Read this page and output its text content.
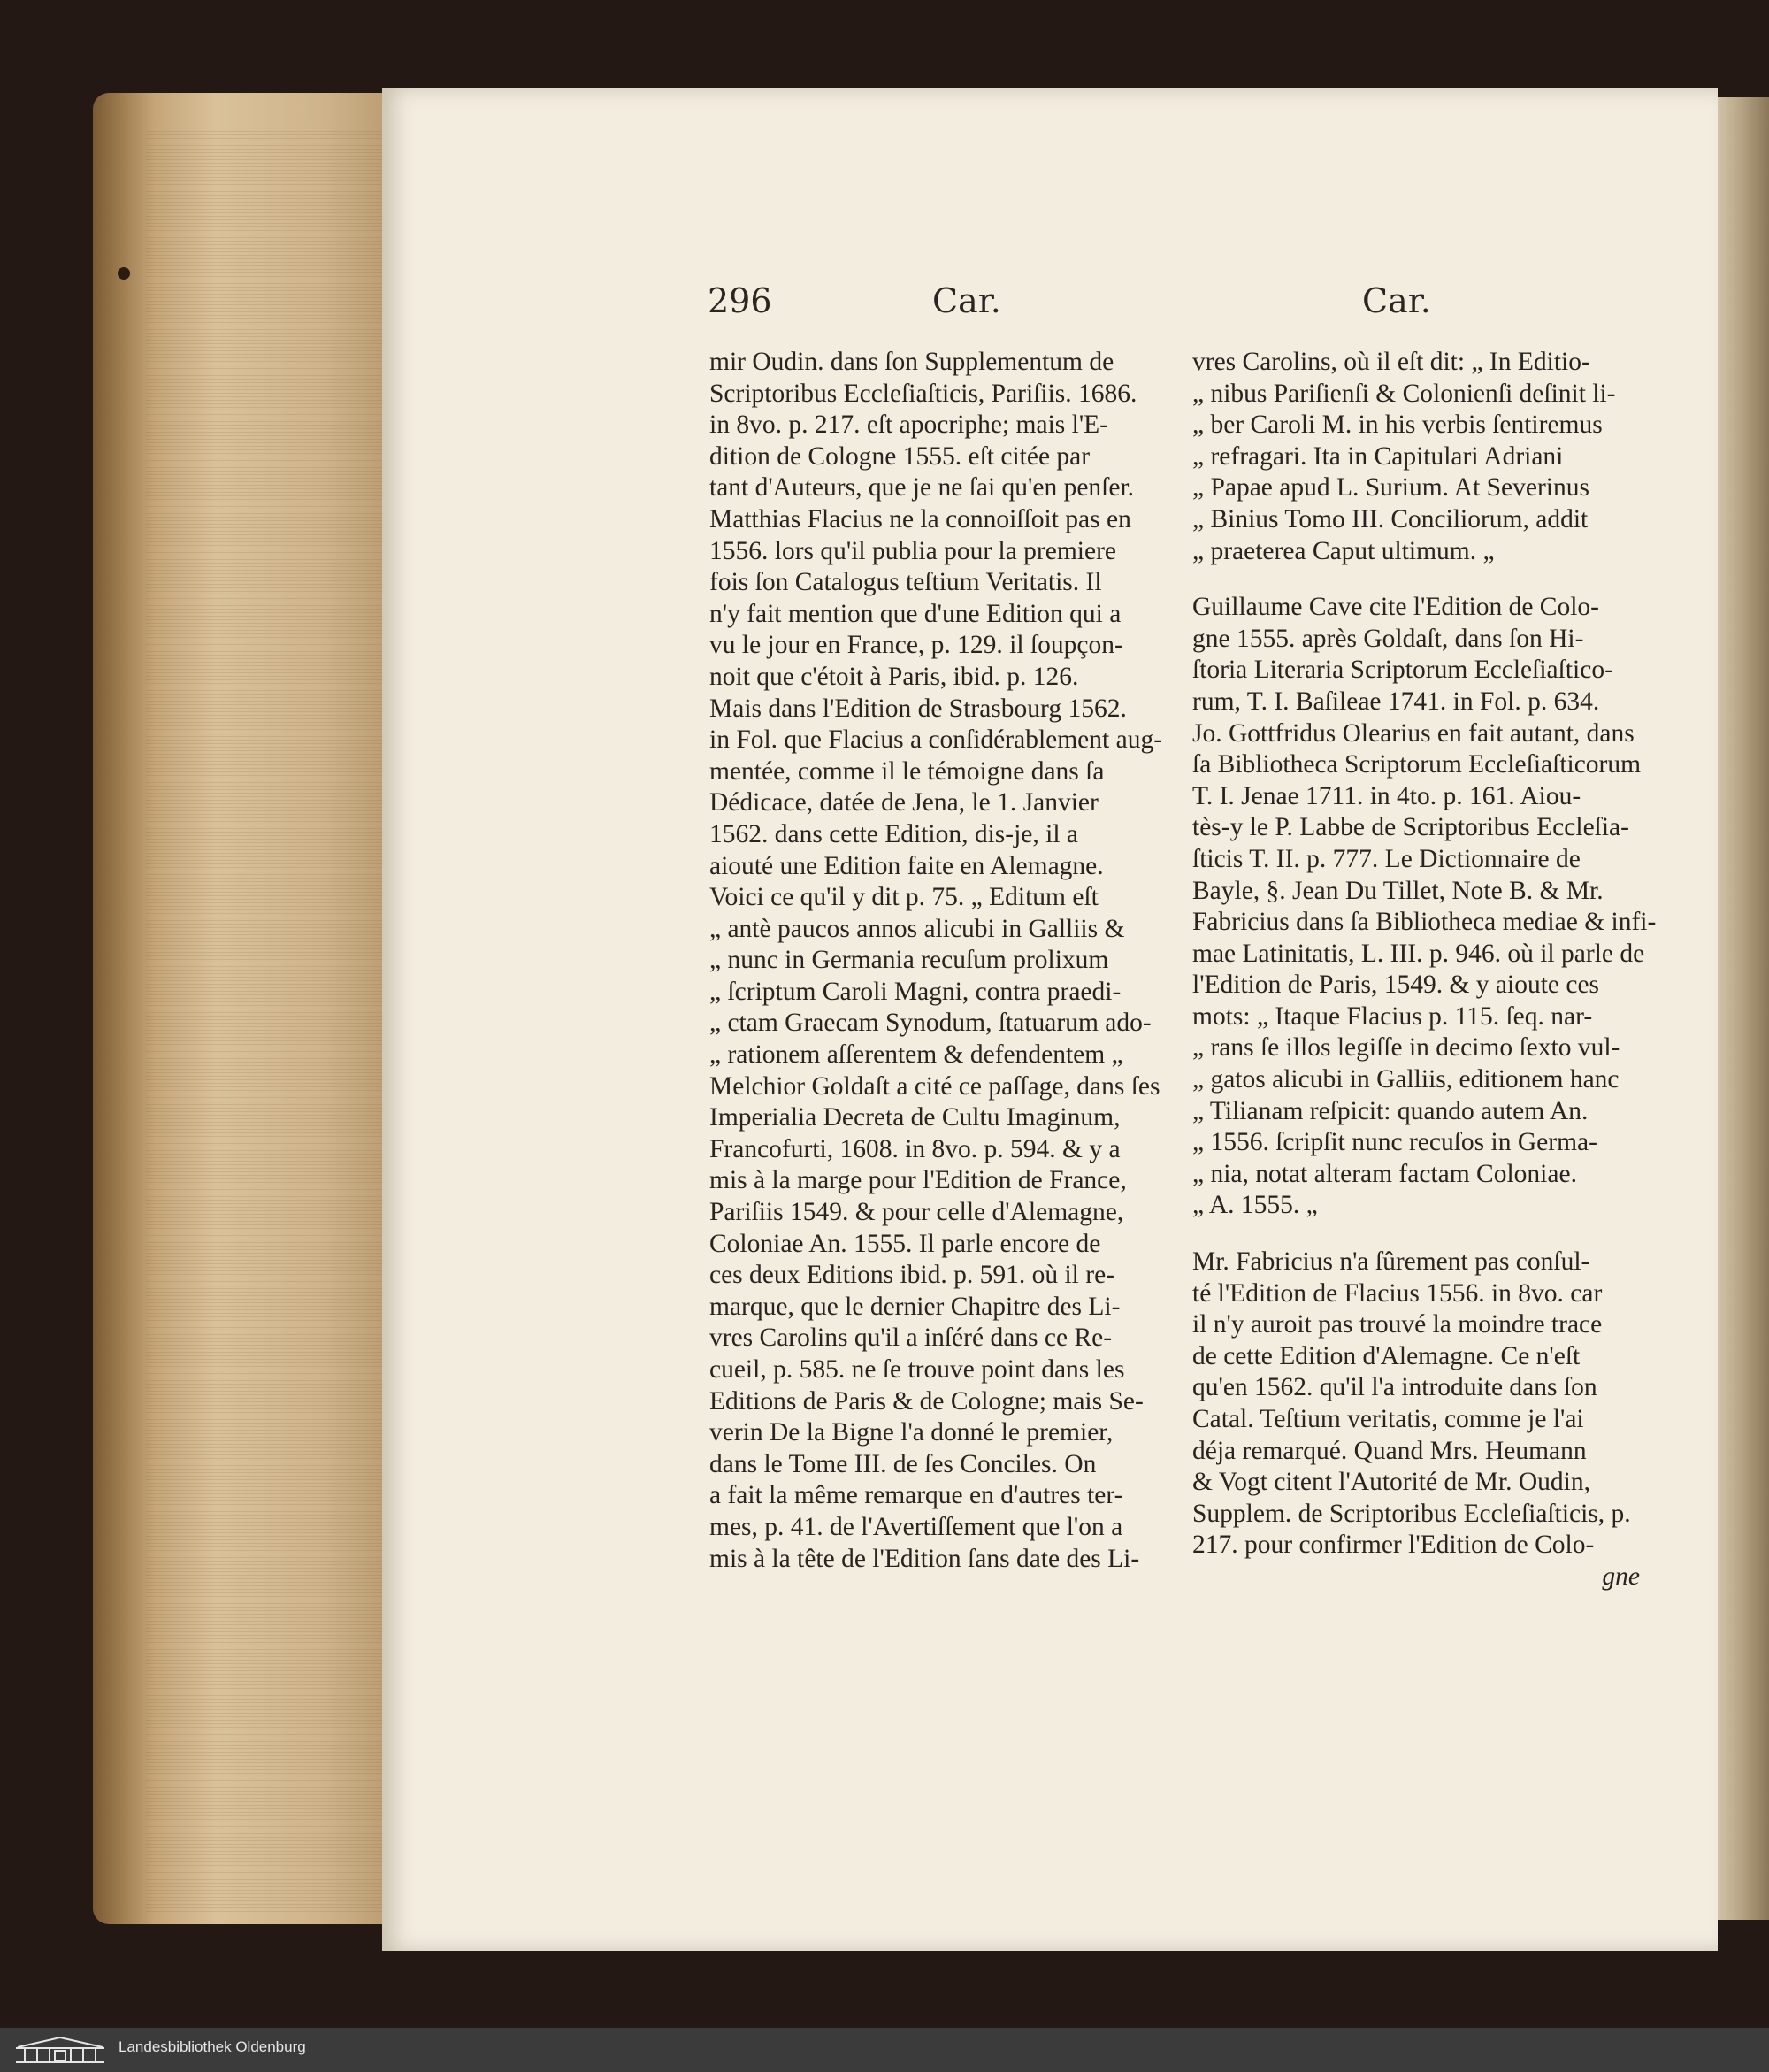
296	Car.	Car.
mir Oudin. dans ſon Supplementum de
Scriptoribus Eccleſiaſticis, Pariſiis. 1686.
in 8vo. p. 217. eſt apocriphe; mais l'E-
dition de Cologne 1555. eſt citée par
tant d'Auteurs, que je ne ſai qu'en penſer.
Matthias Flacius ne la connoiſſoit pas en
1556. lors qu'il publia pour la premiere
fois ſon Catalogus teſtium Veritatis. Il
n'y fait mention que d'une Edition qui a
vu le jour en France, p. 129. il ſoupçon-
noit que c'étoit à Paris, ibid. p. 126.
Mais dans l'Edition de Strasbourg 1562.
in Fol. que Flacius a conſidérablement aug-
mentée, comme il le témoigne dans ſa
Dédicace, datée de Jena, le 1. Janvier
1562. dans cette Edition, dis-je, il a
aiouté une Edition faite en Alemagne.
Voici ce qu'il y dit p. 75. „ Editum eſt
„ antè paucos annos alicubi in Galliis &
„ nunc in Germania recuſum prolixum
„ ſcriptum Caroli Magni, contra praedi-
„ ctam Graecam Synodum, ſtatuarum ado-
„ rationem aſſerentem & defendentem „
Melchior Goldaſt a cité ce paſſage, dans ſes
Imperialia Decreta de Cultu Imaginum,
Francofurti, 1608. in 8vo. p. 594. & y a
mis à la marge pour l'Edition de France,
Pariſiis 1549. & pour celle d'Alemagne,
Coloniae An. 1555. Il parle encore de
ces deux Editions ibid. p. 591. où il re-
marque, que le dernier Chapitre des Li-
vres Carolins qu'il a inſéré dans ce Re-
cueil, p. 585. ne ſe trouve point dans les
Editions de Paris & de Cologne; mais Se-
verin De la Bigne l'a donné le premier,
dans le Tome III. de ſes Conciles. On
a fait la même remarque en d'autres ter-
mes, p. 41. de l'Avertiſſement que l'on a
mis à la tête de l'Edition ſans date des Li-
vres Carolins, où il eſt dit: „ In Editio-
„ nibus Pariſienſi & Colonienſi deſinit li-
„ ber Caroli M. in his verbis ſentiremus
„ refragari. Ita in Capitulari Adriani
„ Papae apud L. Surium. At Severinus
„ Binius Tomo III. Conciliorum, addit
„ praeterea Caput ultimum. „
Guillaume Cave cite l'Edition de Colo-
gne 1555. après Goldaſt, dans ſon Hi-
ſtoria Literaria Scriptorum Eccleſiaſtico-
rum, T. I. Baſileae 1741. in Fol. p. 634.
Jo. Gottfridus Olearius en fait autant, dans
ſa Bibliotheca Scriptorum Eccleſiaſticorum
T. I. Jenae 1711. in 4to. p. 161. Aiou-
tès-y le P. Labbe de Scriptoribus Eccleſia-
ſticis T. II. p. 777. Le Dictionnaire de
Bayle, §. Jean Du Tillet, Note B. & Mr.
Fabricius dans ſa Bibliotheca mediae & infi-
mae Latinitatis, L. III. p. 946. où il parle de
l'Edition de Paris, 1549. & y aioute ces
mots: „ Itaque Flacius p. 115. ſeq. nar-
„ rans ſe illos legiſſe in decimo ſexto vul-
„ gatos alicubi in Galliis, editionem hanc
„ Tilianam reſpicit: quando autem An.
„ 1556. ſcripſit nunc recuſos in Germa-
„ nia, notat alteram factam Coloniae.
„ A. 1555. „
Mr. Fabricius n'a ſûrement pas conſul-
té l'Edition de Flacius 1556. in 8vo. car
il n'y auroit pas trouvé la moindre trace
de cette Edition d'Alemagne. Ce n'eſt
qu'en 1562. qu'il l'a introduite dans ſon
Catal. Teſtium veritatis, comme je l'ai
déja remarqué. Quand Mrs. Heumann
& Vogt citent l'Autorité de Mr. Oudin,
Supplem. de Scriptoribus Eccleſiaſticis, p.
217. pour confirmer l'Edition de Colo-
gne
Landesbibliothek Oldenburg
